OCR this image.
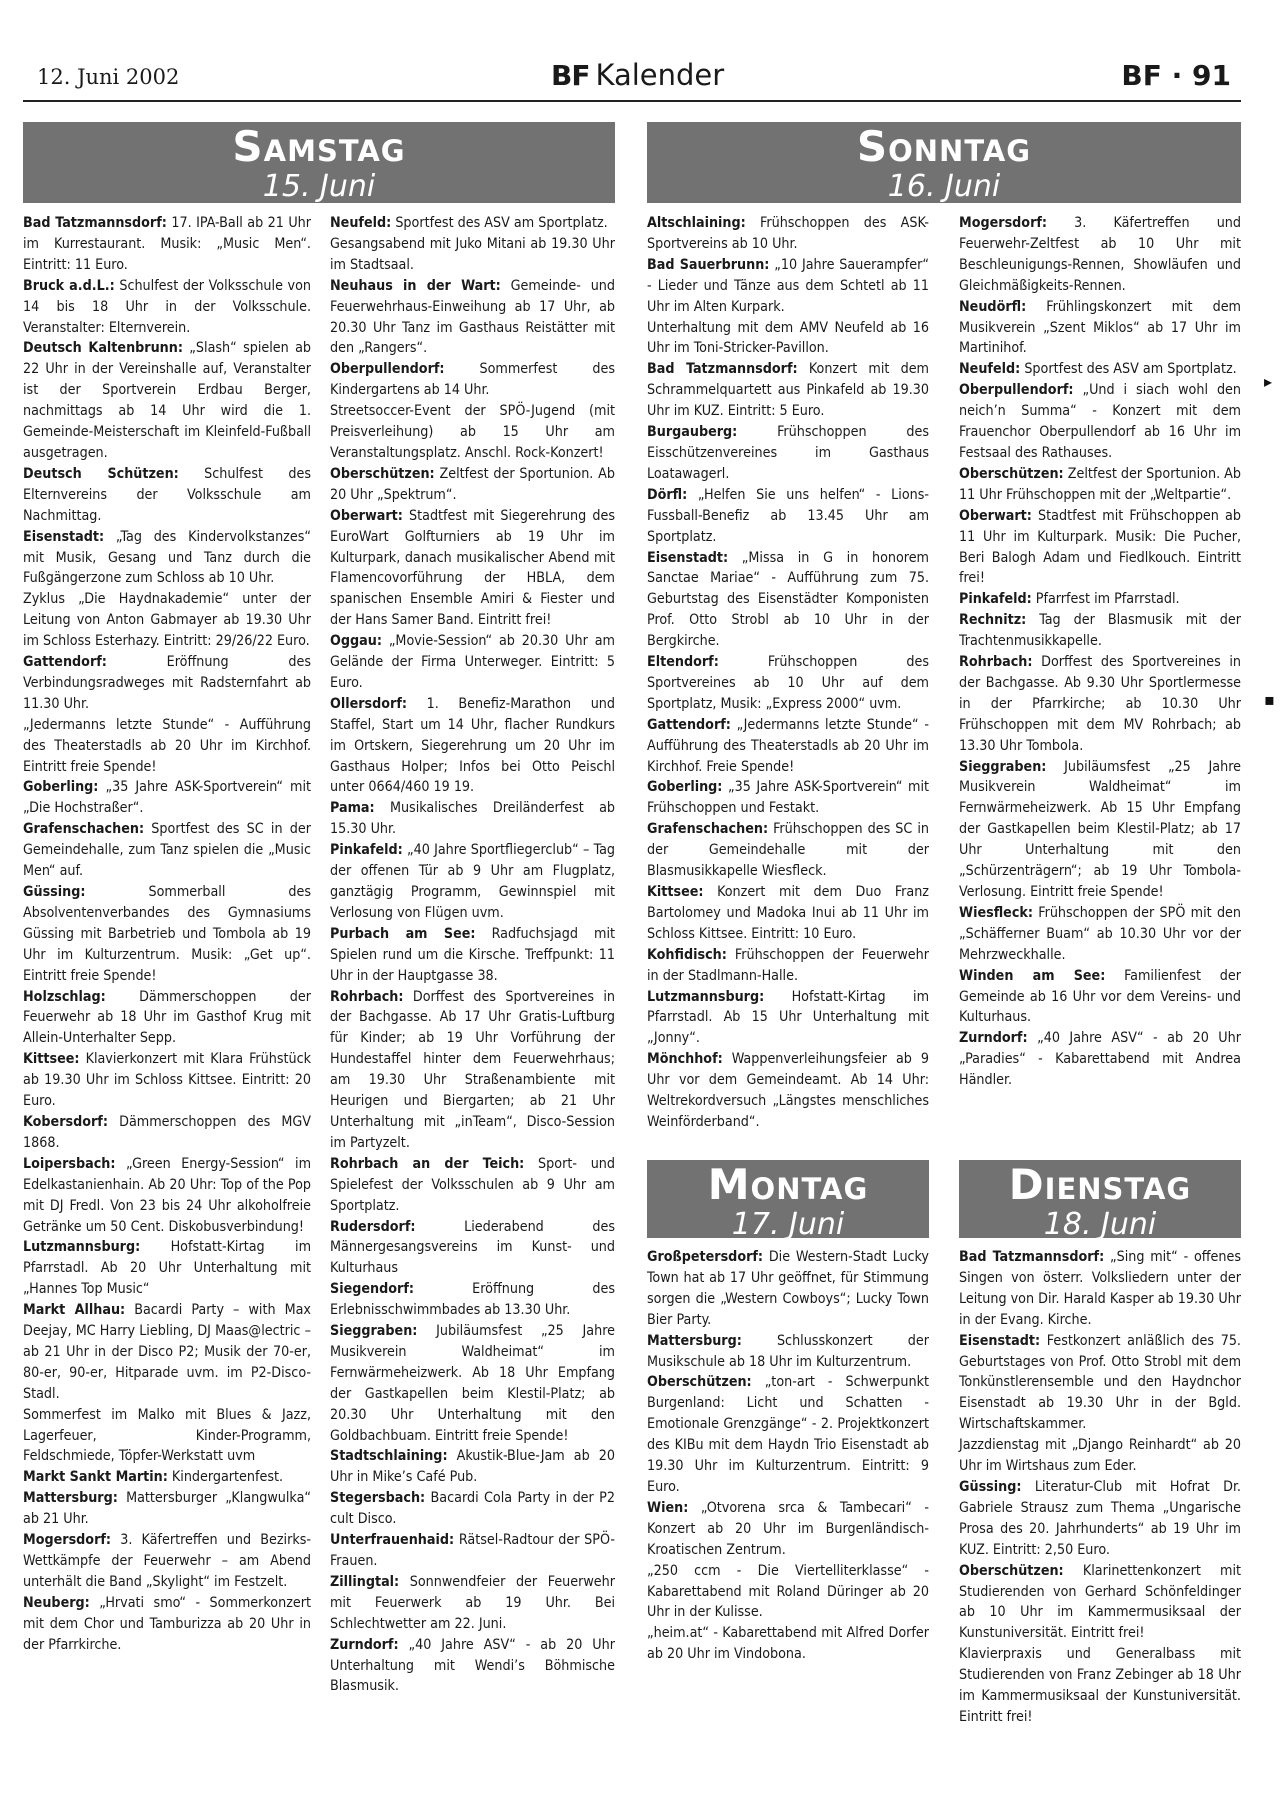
12. Juni 2002	BF Kalender	BF · 91
Samstag
15. Juni

Bad Tatzmannsdorf: 17. IPA-Ball ab 21 Uhr im Kurrestaurant. Musik: „Music Men“. Eintritt: 11 Euro.

Bruck a.d.L.: Schulfest der Volksschule von 14 bis 18 Uhr in der Volksschule. Veranstalter: Elternverein.

Deutsch Kaltenbrunn: „Slash“ spielen ab 22 Uhr in der Vereinshalle auf, Veranstalter ist der Sportverein Erdbau Berger, nachmittags ab 14 Uhr wird die 1. Gemeinde-Meisterschaft im Kleinfeld-Fußball ausgetragen.

Deutsch Schützen: Schulfest des Elternvereins der Volksschule am Nachmittag.

Eisenstadt: „Tag des Kindervolkstanzes“ mit Musik, Gesang und Tanz durch die Fußgängerzone zum Schloss ab 10 Uhr.

Zyklus „Die Haydnakademie“ unter der Leitung von Anton Gabmayer ab 19.30 Uhr im Schloss Esterhazy. Eintritt: 29/26/22 Euro.

Gattendorf: Eröffnung des Verbindungsradweges mit Radsternfahrt ab 11.30 Uhr.

„Jedermanns letzte Stunde“ - Aufführung des Theaterstadls ab 20 Uhr im Kirchhof. Eintritt freie Spende!

Goberling: „35 Jahre ASK-Sportverein“ mit „Die Hochstraßer“.

Grafenschachen: Sportfest des SC in der Gemeindehalle, zum Tanz spielen die „Music Men“ auf.

Güssing: Sommerball des Absolventenverbandes des Gymnasiums Güssing mit Barbetrieb und Tombola ab 19 Uhr im Kulturzentrum. Musik: „Get up“. Eintritt freie Spende!

Holzschlag: Dämmerschoppen der Feuerwehr ab 18 Uhr im Gasthof Krug mit Allein-Unterhalter Sepp.

Kittsee: Klavierkonzert mit Klara Frühstück ab 19.30 Uhr im Schloss Kittsee. Eintritt: 20 Euro.

Kobersdorf: Dämmerschoppen des MGV 1868.

Loipersbach: „Green Energy-Session“ im Edelkastanienhain. Ab 20 Uhr: Top of the Pop mit DJ Fredl. Von 23 bis 24 Uhr alkoholfreie Getränke um 50 Cent. Diskobusverbindung!

Lutzmannsburg: Hofstatt-Kirtag im Pfarrstadl. Ab 20 Uhr Unterhaltung mit „Hannes Top Music“

Markt Allhau: Bacardi Party – with Max Deejay, MC Harry Liebling, DJ Maas@lectric – ab 21 Uhr in der Disco P2; Musik der 70-er, 80-er, 90-er, Hitparade uvm. im P2-Disco-Stadl.

Sommerfest im Malko mit Blues & Jazz, Lagerfeuer, Kinder-Programm, Feldschmiede, Töpfer-Werkstatt uvm

Markt Sankt Martin: Kindergartenfest.

Mattersburg: Mattersburger „Klangwulka“ ab 21 Uhr.

Mogersdorf: 3. Käfertreffen und Bezirks-Wettkämpfe der Feuerwehr – am Abend unterhält die Band „Skylight“ im Festzelt.

Neuberg: „Hrvati smo“ - Sommerkonzert mit dem Chor und Tamburizza ab 20 Uhr in der Pfarrkirche.

Neufeld: Sportfest des ASV am Sportplatz.

Gesangsabend mit Juko Mitani ab 19.30 Uhr im Stadtsaal.

Neuhaus in der Wart: Gemeinde- und Feuerwehrhaus-Einweihung ab 17 Uhr, ab 20.30 Uhr Tanz im Gasthaus Reistätter mit den „Rangers“.

Oberpullendorf: Sommerfest des Kindergartens ab 14 Uhr.

Streetsoccer-Event der SPÖ-Jugend (mit Preisverleihung) ab 15 Uhr am Veranstaltungsplatz. Anschl. Rock-Konzert!

Oberschützen: Zeltfest der Sportunion. Ab 20 Uhr „Spektrum“.

Oberwart: Stadtfest mit Siegerehrung des EuroWart Golfturniers ab 19 Uhr im Kulturpark, danach musikalischer Abend mit Flamencovorführung der HBLA, dem spanischen Ensemble Amiri & Fiester und der Hans Samer Band. Eintritt frei!

Oggau: „Movie-Session“ ab 20.30 Uhr am Gelände der Firma Unterweger. Eintritt: 5 Euro.

Ollersdorf: 1. Benefiz-Marathon und Staffel, Start um 14 Uhr, flacher Rundkurs im Ortskern, Siegerehrung um 20 Uhr im Gasthaus Holper; Infos bei Otto Peischl unter 0664/460 19 19.

Pama: Musikalisches Dreiländerfest ab 15.30 Uhr.

Pinkafeld: „40 Jahre Sportfliegerclub“ – Tag der offenen Tür ab 9 Uhr am Flugplatz, ganztägig Programm, Gewinnspiel mit Verlosung von Flügen uvm.

Purbach am See: Radfuchsjagd mit Spielen rund um die Kirsche. Treffpunkt: 11 Uhr in der Hauptgasse 38.

Rohrbach: Dorffest des Sportvereines in der Bachgasse. Ab 17 Uhr Gratis-Luftburg für Kinder; ab 19 Uhr Vorführung der Hundestaffel hinter dem Feuerwehrhaus; am 19.30 Uhr Straßenambiente mit Heurigen und Biergarten; ab 21 Uhr Unterhaltung mit „inTeam“, Disco-Session im Partyzelt.

Rohrbach an der Teich: Sport- und Spielefest der Volksschulen ab 9 Uhr am Sportplatz.

Rudersdorf: Liederabend des Männergesangsvereins im Kunst- und Kulturhaus

Siegendorf: Eröffnung des Erlebnisschwimmbades ab 13.30 Uhr.

Sieggraben: Jubiläumsfest „25 Jahre Musikverein Waldheimat“ im Fernwärmeheizwerk. Ab 18 Uhr Empfang der Gastkapellen beim Klestil-Platz; ab 20.30 Uhr Unterhaltung mit den Goldbachbuam. Eintritt freie Spende!

Stadtschlaining: Akustik-Blue-Jam ab 20 Uhr in Mike’s Café Pub.

Stegersbach: Bacardi Cola Party in der P2 cult Disco.

Unterfrauenhaid: Rätsel-Radtour der SPÖ-Frauen.

Zillingtal: Sonnwendfeier der Feuerwehr mit Feuerwerk ab 19 Uhr. Bei Schlechtwetter am 22. Juni.

Zurndorf: „40 Jahre ASV“ - ab 20 Uhr Unterhaltung mit Wendi’s Böhmische Blasmusik.

Sonntag
16. Juni

Altschlaining: Frühschoppen des ASK-Sportvereins ab 10 Uhr.

Bad Sauerbrunn: „10 Jahre Sauerampfer“ - Lieder und Tänze aus dem Schtetl ab 11 Uhr im Alten Kurpark.

Unterhaltung mit dem AMV Neufeld ab 16 Uhr im Toni-Stricker-Pavillon.

Bad Tatzmannsdorf: Konzert mit dem Schrammelquartett aus Pinkafeld ab 19.30 Uhr im KUZ. Eintritt: 5 Euro.

Burgauberg: Frühschoppen des Eisschützenvereines im Gasthaus Loatawagerl.

Dörfl: „Helfen Sie uns helfen“ - Lions-Fussball-Benefiz ab 13.45 Uhr am Sportplatz.

Eisenstadt: „Missa in G in honorem Sanctae Mariae“ - Aufführung zum 75. Geburtstag des Eisenstädter Komponisten Prof. Otto Strobl ab 10 Uhr in der Bergkirche.

Eltendorf: Frühschoppen des Sportvereines ab 10 Uhr auf dem Sportplatz, Musik: „Express 2000“ uvm.

Gattendorf: „Jedermanns letzte Stunde“ - Aufführung des Theaterstadls ab 20 Uhr im Kirchhof. Freie Spende!

Goberling: „35 Jahre ASK-Sportverein“ mit Frühschoppen und Festakt.

Grafenschachen: Frühschoppen des SC in der Gemeindehalle mit der Blasmusikkapelle Wiesfleck.

Kittsee: Konzert mit dem Duo Franz Bartolomey und Madoka Inui ab 11 Uhr im Schloss Kittsee. Eintritt: 10 Euro.

Kohfidisch: Frühschoppen der Feuerwehr in der Stadlmann-Halle.

Lutzmannsburg: Hofstatt-Kirtag im Pfarrstadl. Ab 15 Uhr Unterhaltung mit „Jonny“.

Mönchhof: Wappenverleihungsfeier ab 9 Uhr vor dem Gemeindeamt. Ab 14 Uhr: Weltrekordversuch „Längstes menschliches Weinförderband“.

Mogersdorf: 3. Käfertreffen und Feuerwehr-Zeltfest ab 10 Uhr mit Beschleunigungs-Rennen, Showläufen und Gleichmäßigkeits-Rennen.

Neudörfl: Frühlingskonzert mit dem Musikverein „Szent Miklos“ ab 17 Uhr im Martinihof.

Neufeld: Sportfest des ASV am Sportplatz.

Oberpullendorf: „Und i siach wohl den neich’n Summa“ - Konzert mit dem Frauenchor Oberpullendorf ab 16 Uhr im Festsaal des Rathauses.

Oberschützen: Zeltfest der Sportunion. Ab 11 Uhr Frühschoppen mit der „Weltpartie“.

Oberwart: Stadtfest mit Frühschoppen ab 11 Uhr im Kulturpark. Musik: Die Pucher, Beri Balogh Adam und Fiedlkouch. Eintritt frei!

Pinkafeld: Pfarrfest im Pfarrstadl.

Rechnitz: Tag der Blasmusik mit der Trachtenmusikkapelle.

Rohrbach: Dorffest des Sportvereines in der Bachgasse. Ab 9.30 Uhr Sportlermesse in der Pfarrkirche; ab 10.30 Uhr Frühschoppen mit dem MV Rohrbach; ab 13.30 Uhr Tombola.

Sieggraben: Jubiläumsfest „25 Jahre Musikverein Waldheimat“ im Fernwärmeheizwerk. Ab 15 Uhr Empfang der Gastkapellen beim Klestil-Platz; ab 17 Uhr Unterhaltung mit den „Schürzenträgern“; ab 19 Uhr Tombola-Verlosung. Eintritt freie Spende!

Wiesfleck: Frühschoppen der SPÖ mit den „Schäfferner Buam“ ab 10.30 Uhr vor der Mehrzweckhalle.

Winden am See: Familienfest der Gemeinde ab 16 Uhr vor dem Vereins- und Kulturhaus.

Zurndorf: „40 Jahre ASV“ - ab 20 Uhr „Paradies“ - Kabarettabend mit Andrea Händler.

Montag
17. Juni

Großpetersdorf: Die Western-Stadt Lucky Town hat ab 17 Uhr geöffnet, für Stimmung sorgen die „Western Cowboys“; Lucky Town Bier Party.

Mattersburg: Schlusskonzert der Musikschule ab 18 Uhr im Kulturzentrum.

Oberschützen: „ton-art - Schwerpunkt Burgenland: Licht und Schatten - Emotionale Grenzgänge“ - 2. Projektkonzert des KIBu mit dem Haydn Trio Eisenstadt ab 19.30 Uhr im Kulturzentrum. Eintritt: 9 Euro.

Wien: „Otvorena srca & Tambecari“ - Konzert ab 20 Uhr im Burgenländisch-Kroatischen Zentrum.

„250 ccm - Die Viertelliterklasse“ - Kabarettabend mit Roland Düringer ab 20 Uhr in der Kulisse.

„heim.at“ - Kabarettabend mit Alfred Dorfer ab 20 Uhr im Vindobona.

Dienstag
18. Juni

Bad Tatzmannsdorf: „Sing mit“ - offenes Singen von österr. Volksliedern unter der Leitung von Dir. Harald Kasper ab 19.30 Uhr in der Evang. Kirche.

Eisenstadt: Festkonzert anläßlich des 75. Geburtstages von Prof. Otto Strobl mit dem Tonkünstlerensemble und den Haydnchor Eisenstadt ab 19.30 Uhr in der Bgld. Wirtschaftskammer.

Jazzdienstag mit „Django Reinhardt“ ab 20 Uhr im Wirtshaus zum Eder.

Güssing: Literatur-Club mit Hofrat Dr. Gabriele Strausz zum Thema „Ungarische Prosa des 20. Jahrhunderts“ ab 19 Uhr im KUZ. Eintritt: 2,50 Euro.

Oberschützen: Klarinettenkonzert mit Studierenden von Gerhard Schönfeldinger ab 10 Uhr im Kammermusiksaal der Kunstuniversität. Eintritt frei!

Klavierpraxis und Generalbass mit Studierenden von Franz Zebinger ab 18 Uhr im Kammermusiksaal der Kunstuniversität. Eintritt frei!

▸
▪
